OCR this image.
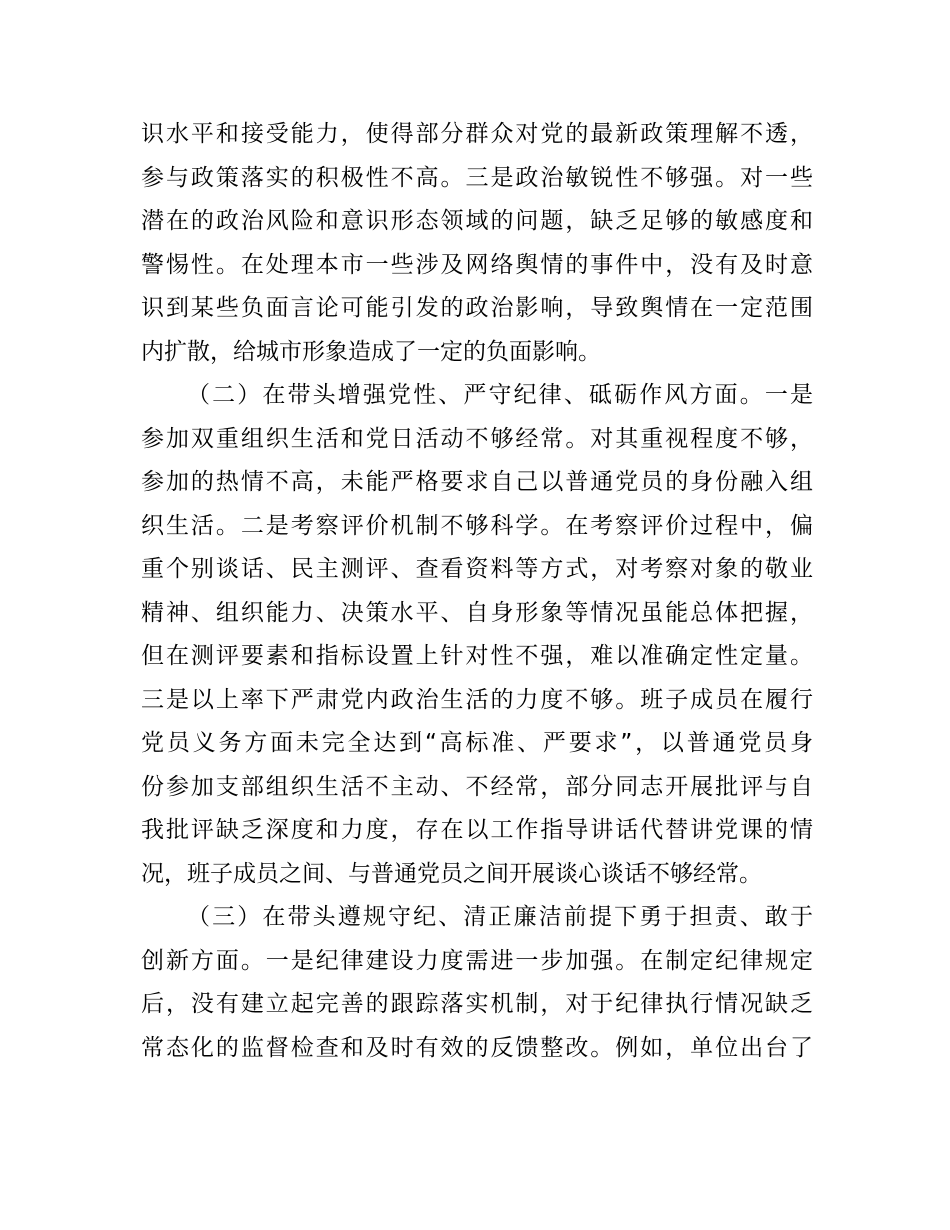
识水平和接受能力，使得部分群众对党的最新政策理解不透，
参与政策落实的积极性不高。三是政治敏锐性不够强。对一些
潜在的政治风险和意识形态领域的问题，缺乏足够的敏感度和
警惕性。在处理本市一些涉及网络舆情的事件中，没有及时意
识到某些负面言论可能引发的政治影响，导致舆情在一定范围
内扩散，给城市形象造成了一定的负面影响。
（二）在带头增强党性、严守纪律、砥砺作风方面。一是
参加双重组织生活和党日活动不够经常。对其重视程度不够，
参加的热情不高，未能严格要求自己以普通党员的身份融入组
织生活。二是考察评价机制不够科学。在考察评价过程中，偏
重个别谈话、民主测评、查看资料等方式，对考察对象的敬业
精神、组织能力、决策水平、自身形象等情况虽能总体把握，
但在测评要素和指标设置上针对性不强，难以准确定性定量。
三是以上率下严肃党内政治生活的力度不够。班子成员在履行
党员义务方面未完全达到“高标准、严要求”，以普通党员身
份参加支部组织生活不主动、不经常，部分同志开展批评与自
我批评缺乏深度和力度，存在以工作指导讲话代替讲党课的情
况，班子成员之间、与普通党员之间开展谈心谈话不够经常。
（三）在带头遵规守纪、清正廉洁前提下勇于担责、敢于
创新方面。一是纪律建设力度需进一步加强。在制定纪律规定
后，没有建立起完善的跟踪落实机制，对于纪律执行情况缺乏
常态化的监督检查和及时有效的反馈整改。例如，单位出台了
